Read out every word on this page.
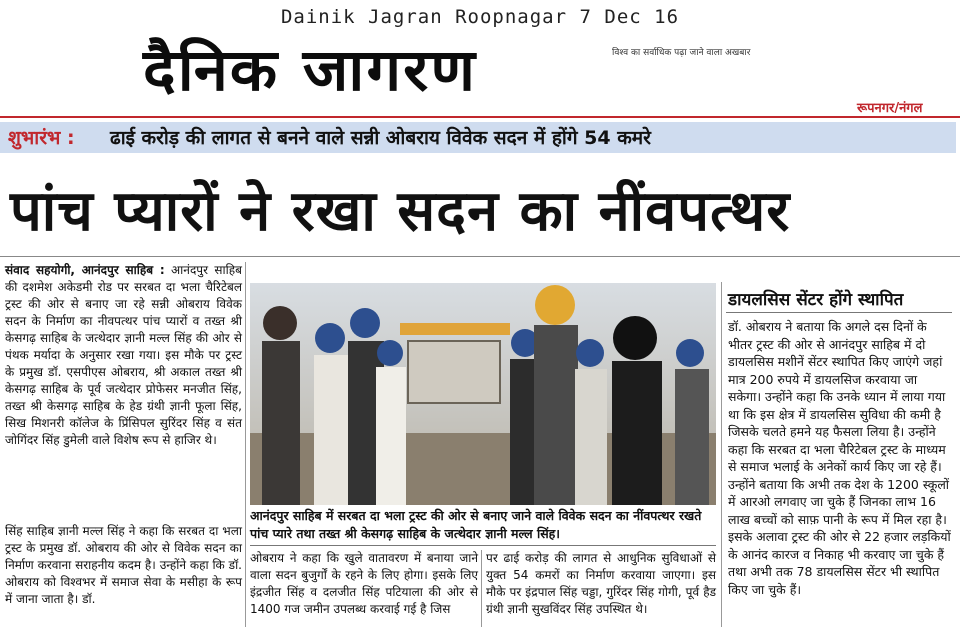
Dainik Jagran Roopnagar 7 Dec 16
विश्व का सर्वाधिक पढ़ा जाने वाला अखबार
दैनिक जागरण
रूपनगर/नंगल
शुभारंभ : ढाई करोड़ की लागत से बनने वाले सन्नी ओबराय विवेक सदन में होंगे 54 कमरे
पांच प्यारों ने रखा सदन का नींवपत्थर
संवाद सहयोगी, आनंदपुर साहिब : आनंदपुर साहिब की दशमेश अकेडमी रोड पर सरबत दा भला चैरिटेबल ट्रस्ट की ओर से बनाए जा रहे सन्नी ओबराय विवेक सदन के निर्माण का नीवपत्थर पांच प्यारों व तख्त श्री केसगढ़ साहिब के जत्थेदार ज्ञानी मल्ल सिंह की ओर से पंथक मर्यादा के अनुसार रखा गया। इस मौके पर ट्रस्ट के प्रमुख डॉ. एसपीएस ओबराय, श्री अकाल तख्त श्री केसगढ़ साहिब के पूर्व जत्थेदार प्रोफेसर मनजीत सिंह, तख्त श्री केसगढ़ साहिब के हेड ग्रंथी ज्ञानी फूला सिंह, सिख मिशनरी कॉलेज के प्रिंसिपल सुरिंदर सिंह व संत जोगिंदर सिंह डुमेली वाले विशेष रूप से हाजिर थे।
सिंह साहिब ज्ञानी मल्ल सिंह ने कहा कि सरबत दा भला ट्रस्ट के प्रमुख डॉ. ओबराय की ओर से विवेक सदन का निर्माण करवाना सराहनीय कदम है। उन्होंने कहा कि डॉ. ओबराय को विश्वभर में समाज सेवा के मसीहा के रूप में जाना जाता है। डॉ.
आनंदपुर साहिब में सरबत दा भला ट्रस्ट की ओर से बनाए जाने वाले विवेक सदन का नींवपत्थर रखते पांच प्यारे तथा तख्त श्री केसगढ़ साहिब के जत्थेदार ज्ञानी मल्ल सिंह।
ओबराय ने कहा कि खुले वातावरण में बनाया जाने वाला सदन बुजुर्गों के रहने के लिए होगा। इसके लिए इंद्रजीत सिंह व दलजीत सिंह पटियाला की ओर से 1400 गज जमीन उपलब्ध करवाई गई है जिस
पर ढाई करोड़ की लागत से आधुनिक सुविधाओं से युक्त 54 कमरों का निर्माण करवाया जाएगा। इस मौके पर इंद्रपाल सिंह चड्डा, गुरिंदर सिंह गोगी, पूर्व हैड ग्रंथी ज्ञानी सुखविंदर सिंह उपस्थित थे।
डायलसिस सेंटर होंगे स्थापित
डॉ. ओबराय ने बताया कि अगले दस दिनों के भीतर ट्रस्ट की ओर से आनंदपुर साहिब में दो डायलसिस मशीनें सेंटर स्थापित किए जाएंगे जहां मात्र 200 रुपये में डायलसिज करवाया जा सकेगा। उन्होंने कहा कि उनके ध्यान में लाया गया था कि इस क्षेत्र में डायलसिस सुविधा की कमी है जिसके चलते हमने यह फैसला लिया है। उन्होंने कहा कि सरबत दा भला चैरिटेबल ट्रस्ट के माध्यम से समाज भलाई के अनेकों कार्य किए जा रहे हैं। उन्होंने बताया कि अभी तक देश के 1200 स्कूलों में आरओ लगवाए जा चुके हैं जिनका लाभ 16 लाख बच्चों को साफ़ पानी के रूप में मिल रहा है। इसके अलावा ट्रस्ट की ओर से 22 हजार लड़कियों के आनंद कारज व निकाह भी करवाए जा चुके हैं तथा अभी तक 78 डायलसिस सेंटर भी स्थापित किए जा चुके हैं।
